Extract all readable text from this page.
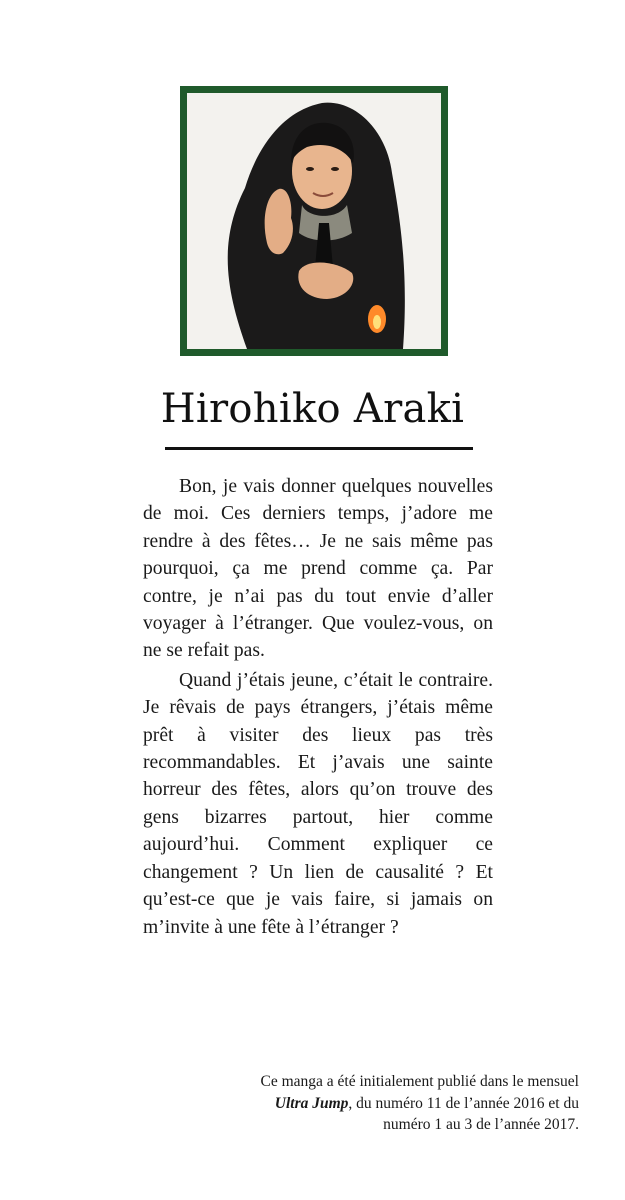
Hirohiko Araki

Bon, je vais donner quelques nouvelles de moi. Ces derniers temps, j’adore me rendre à des fêtes… Je ne sais même pas pourquoi, ça me prend comme ça. Par contre, je n’ai pas du tout envie d’aller voyager à l’étranger. Que voulez-vous, on ne se refait pas.

Quand j’étais jeune, c’était le contraire. Je rêvais de pays étrangers, j’étais même prêt à visiter des lieux pas très recommandables. Et j’avais une sainte horreur des fêtes, alors qu’on trouve des gens bizarres partout, hier comme aujourd’hui. Comment expliquer ce changement ? Un lien de causalité ? Et qu’est-ce que je vais faire, si jamais on m’invite à une fête à l’étranger ?

Ce manga a été initialement publié dans le mensuel Ultra Jump, du numéro 11 de l’année 2016 et du numéro 1 au 3 de l’année 2017.
